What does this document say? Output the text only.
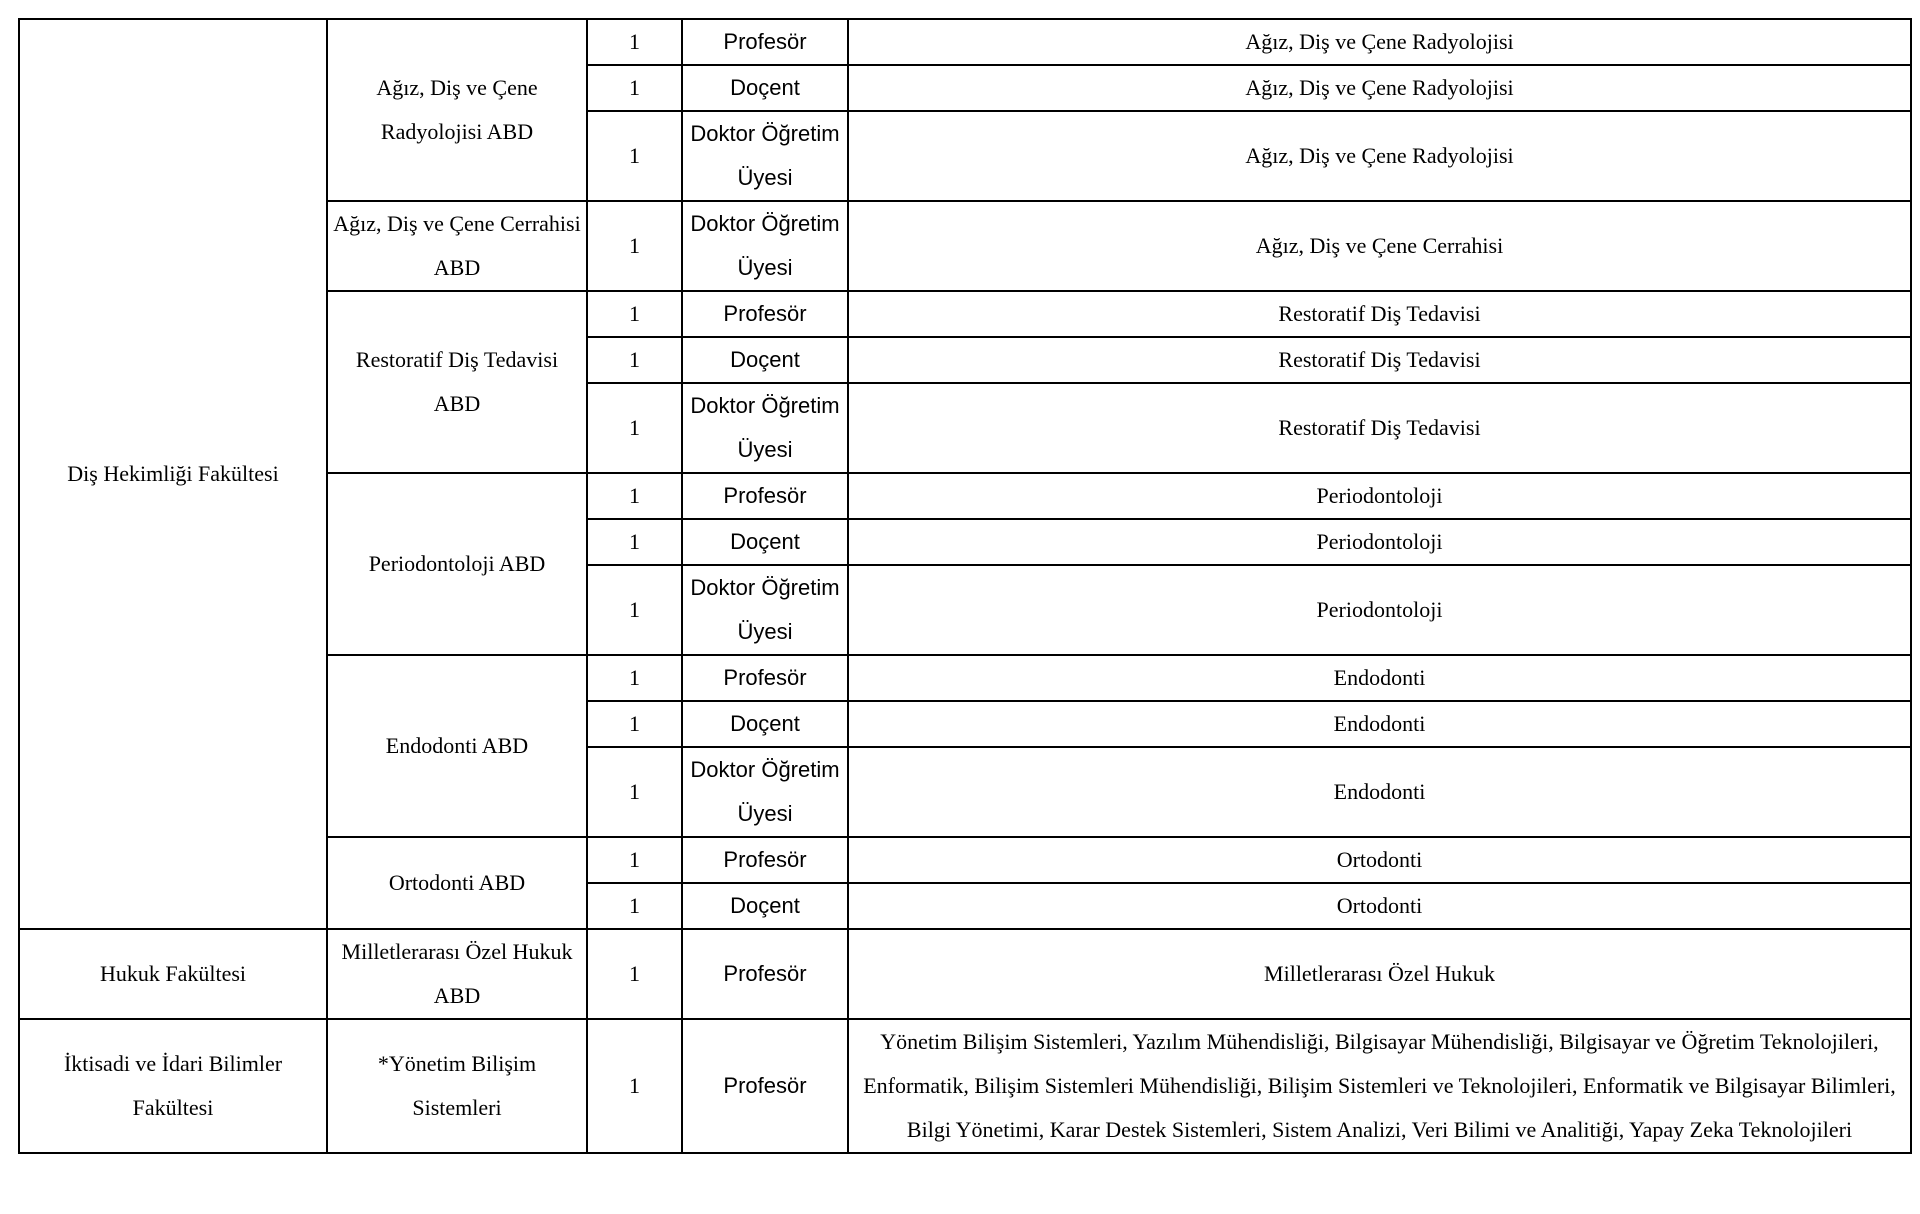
Diş Hekimliği Fakültesi	Ağız, Diş ve Çene Radyolojisi ABD	1	Profesör	Ağız, Diş ve Çene Radyolojisi
		1	Doçent	Ağız, Diş ve Çene Radyolojisi
		1	Doktor Öğretim Üyesi	Ağız, Diş ve Çene Radyolojisi
	Ağız, Diş ve Çene Cerrahisi ABD	1	Doktor Öğretim Üyesi	Ağız, Diş ve Çene Cerrahisi
	Restoratif Diş Tedavisi ABD	1	Profesör	Restoratif Diş Tedavisi
		1	Doçent	Restoratif Diş Tedavisi
		1	Doktor Öğretim Üyesi	Restoratif Diş Tedavisi
	Periodontoloji ABD	1	Profesör	Periodontoloji
		1	Doçent	Periodontoloji
		1	Doktor Öğretim Üyesi	Periodontoloji
	Endodonti ABD	1	Profesör	Endodonti
		1	Doçent	Endodonti
		1	Doktor Öğretim Üyesi	Endodonti
	Ortodonti ABD	1	Profesör	Ortodonti
		1	Doçent	Ortodonti
Hukuk Fakültesi	Milletlerarası Özel Hukuk ABD	1	Profesör	Milletlerarası Özel Hukuk
İktisadi ve İdari Bilimler Fakültesi	*Yönetim Bilişim Sistemleri	1	Profesör	Yönetim Bilişim Sistemleri, Yazılım Mühendisliği, Bilgisayar Mühendisliği, Bilgisayar ve Öğretim Teknolojileri, Enformatik, Bilişim Sistemleri Mühendisliği, Bilişim Sistemleri ve Teknolojileri, Enformatik ve Bilgisayar Bilimleri, Bilgi Yönetimi, Karar Destek Sistemleri, Sistem Analizi, Veri Bilimi ve Analitiği, Yapay Zeka Teknolojileri
